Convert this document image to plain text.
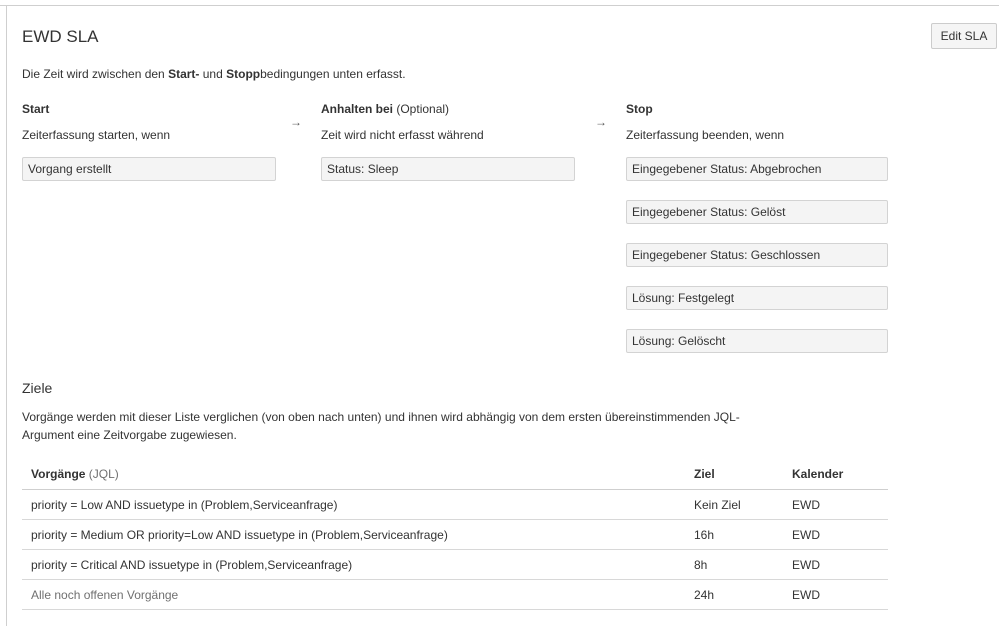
EWD SLA	Edit SLA
Die Zeit wird zwischen den Start- und Stoppbedingungen unten erfasst.
Start
Zeiterfassung starten, wenn
Vorgang erstellt
→
Anhalten bei (Optional)
Zeit wird nicht erfasst während
Status: Sleep
→
Stop
Zeiterfassung beenden, wenn
Eingegebener Status: Abgebrochen
Eingegebener Status: Gelöst
Eingegebener Status: Geschlossen
Lösung: Festgelegt
Lösung: Gelöscht
Ziele
Vorgänge werden mit dieser Liste verglichen (von oben nach unten) und ihnen wird abhängig von dem ersten übereinstimmenden JQL-Argument eine Zeitvorgabe zugewiesen.
Vorgänge (JQL)	Ziel	Kalender
priority = Low AND issuetype in (Problem,Serviceanfrage)	Kein Ziel	EWD
priority = Medium OR priority=Low AND issuetype in (Problem,Serviceanfrage)	16h	EWD
priority = Critical AND issuetype in (Problem,Serviceanfrage)	8h	EWD
Alle noch offenen Vorgänge	24h	EWD
